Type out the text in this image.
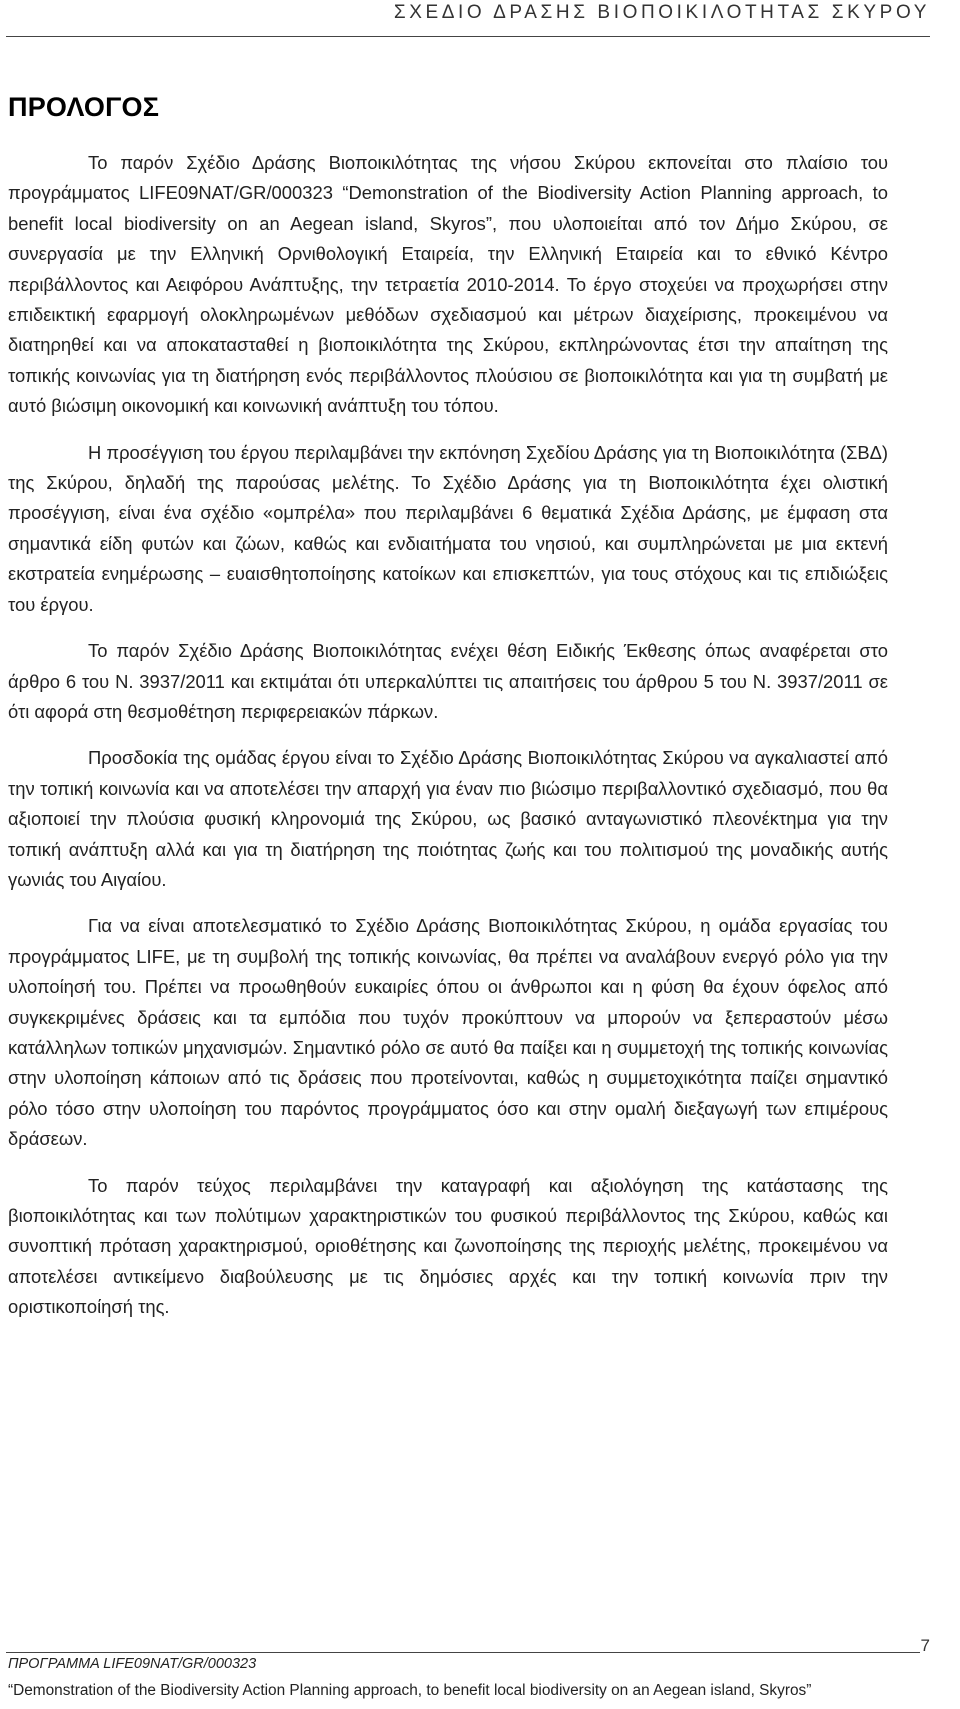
ΣΧΕΔΙΟ ΔΡΑΣΗΣ ΒΙΟΠΟΙΚΙΛΟΤΗΤΑΣ ΣΚΥΡΟΥ
ΠΡΟΛΟΓΟΣ

Το παρόν Σχέδιο Δράσης Βιοποικιλότητας της νήσου Σκύρου εκπονείται στο πλαίσιο του προγράμματος LIFE09NAT/GR/000323 “Demonstration of the Biodiversity Action Planning approach, to benefit local biodiversity on an Aegean island, Skyros”, που υλοποιείται από τον Δήμο Σκύρου, σε συνεργασία με την Ελληνική Ορνιθολογική Εταιρεία, την Ελληνική Εταιρεία και το εθνικό Κέντρο περιβάλλοντος και Αειφόρου Ανάπτυξης, την τετραετία 2010-2014. Το έργο στοχεύει να προχωρήσει στην επιδεικτική εφαρμογή ολοκληρωμένων μεθόδων σχεδιασμού και μέτρων διαχείρισης, προκειμένου να διατηρηθεί και να αποκατασταθεί η βιοποικιλότητα της Σκύρου, εκπληρώνοντας έτσι την απαίτηση της τοπικής κοινωνίας για τη διατήρηση ενός περιβάλλοντος πλούσιου σε βιοποικιλότητα και για τη συμβατή με αυτό βιώσιμη οικονομική και κοινωνική ανάπτυξη του τόπου.

Η προσέγγιση του έργου περιλαμβάνει την εκπόνηση Σχεδίου Δράσης για τη Βιοποικιλότητα (ΣΒΔ) της Σκύρου, δηλαδή της παρούσας μελέτης. Το Σχέδιο Δράσης για τη Βιοποικιλότητα έχει ολιστική προσέγγιση, είναι ένα σχέδιο «ομπρέλα» που περιλαμβάνει 6 θεματικά Σχέδια Δράσης, με έμφαση στα σημαντικά είδη φυτών και ζώων, καθώς και ενδιαιτήματα του νησιού, και συμπληρώνεται με μια εκτενή εκστρατεία ενημέρωσης – ευαισθητοποίησης κατοίκων και επισκεπτών, για τους στόχους και τις επιδιώξεις του έργου.

Το παρόν Σχέδιο Δράσης Βιοποικιλότητας ενέχει θέση Ειδικής Έκθεσης όπως αναφέρεται στο άρθρο 6 του Ν. 3937/2011 και εκτιμάται ότι υπερκαλύπτει τις απαιτήσεις του άρθρου 5 του Ν. 3937/2011 σε ότι αφορά στη θεσμοθέτηση περιφερειακών πάρκων.

Προσδοκία της ομάδας έργου είναι το Σχέδιο Δράσης Βιοποικιλότητας Σκύρου να αγκαλιαστεί από την τοπική κοινωνία και να αποτελέσει την απαρχή για έναν πιο βιώσιμο περιβαλλοντικό σχεδιασμό, που θα αξιοποιεί την πλούσια φυσική κληρονομιά της Σκύρου, ως βασικό ανταγωνιστικό πλεονέκτημα για την τοπική ανάπτυξη αλλά και για τη διατήρηση της ποιότητας ζωής και του πολιτισμού της μοναδικής αυτής γωνιάς του Αιγαίου.

Για να είναι αποτελεσματικό το Σχέδιο Δράσης Βιοποικιλότητας Σκύρου, η ομάδα εργασίας του προγράμματος LIFE, με τη συμβολή της τοπικής κοινωνίας, θα πρέπει να αναλάβουν ενεργό ρόλο για την υλοποίησή του. Πρέπει να προωθηθούν ευκαιρίες όπου οι άνθρωποι και η φύση θα έχουν όφελος από συγκεκριμένες δράσεις και τα εμπόδια που τυχόν προκύπτουν να μπορούν να ξεπεραστούν μέσω κατάλληλων τοπικών μηχανισμών. Σημαντικό ρόλο σε αυτό θα παίξει και η συμμετοχή της τοπικής κοινωνίας στην υλοποίηση κάποιων από τις δράσεις που προτείνονται, καθώς η συμμετοχικότητα παίζει σημαντικό ρόλο τόσο στην υλοποίηση του παρόντος προγράμματος όσο και στην ομαλή διεξαγωγή των επιμέρους δράσεων.

Το παρόν τεύχος περιλαμβάνει την καταγραφή και αξιολόγηση της κατάστασης της βιοποικιλότητας και των πολύτιμων χαρακτηριστικών του φυσικού περιβάλλοντος της Σκύρου, καθώς και συνοπτική πρόταση χαρακτηρισμού, οριοθέτησης και ζωνοποίησης της περιοχής μελέτης, προκειμένου να αποτελέσει αντικείμενο διαβούλευσης με τις δημόσιες αρχές και την τοπική κοινωνία πριν την οριστικοποίησή της.

7
ΠΡΟΓΡΑΜΜΑ LIFE09NAT/GR/000323
“Demonstration of the Biodiversity Action Planning approach, to benefit local biodiversity on an Aegean island, Skyros”
